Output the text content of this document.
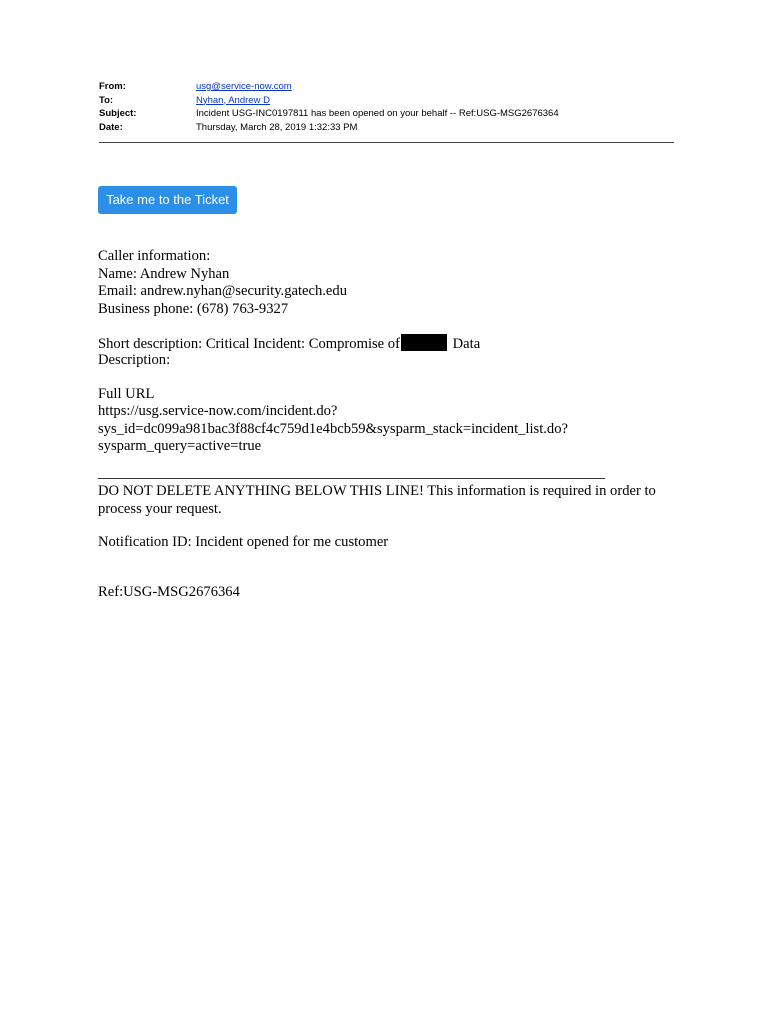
From:	usg@service-now.com
To:	Nyhan, Andrew D
Subject:	Incident USG-INC0197811 has been opened on your behalf -- Ref:USG-MSG2676364
Date:	Thursday, March 28, 2019 1:32:33 PM
Take me to the Ticket
Caller information:
Name: Andrew Nyhan
Email: andrew.nyhan@security.gatech.edu
Business phone: (678) 763-9327
Short description: Critical Incident: Compromise of	Data
Description:
Full URL
https://usg.service-now.com/incident.do?
sys_id=dc099a981bac3f88cf4c759d1e4bcb59&sysparm_stack=incident_list.do?
sysparm_query=active=true
DO NOT DELETE ANYTHING BELOW THIS LINE! This information is required in order to process your request.
Notification ID: Incident opened for me customer
Ref:USG-MSG2676364
